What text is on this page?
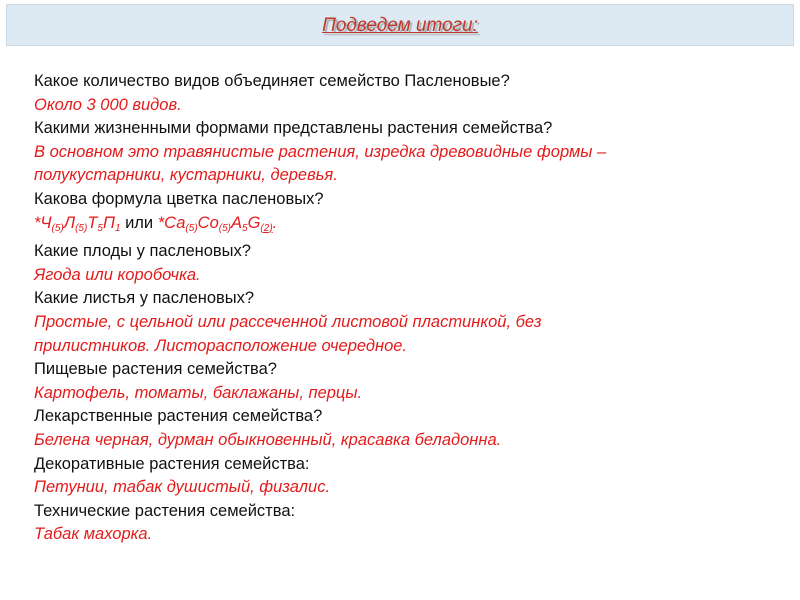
Подведем итоги:
Какое количество видов объединяет семейство Пасленовые?
Около 3 000 видов.
Какими жизненными формами представлены растения семейства?
В основном это травянистые растения, изредка древовидные формы –
полукустарники, кустарники, деревья.
Какова формула цветка пасленовых?
$*Ч_{(5)}Л_{(5)}Т_5П_1$ или $*Са_{(5)}Со_{(5)}А_5G_{(2)}$.
Какие плоды у пасленовых?
Ягода или коробочка.
Какие листья у пасленовых?
Простые, с цельной или рассеченной листовой пластинкой, без
прилистников. Листорасположение очередное.
Пищевые растения семейства?
Картофель, томаты, баклажаны, перцы.
Лекарственные растения семейства?
Белена черная, дурман обыкновенный, красавка беладонна.
Декоративные растения семейства:
Петунии, табак душистый, физалис.
Технические растения семейства:
Табак махорка.
